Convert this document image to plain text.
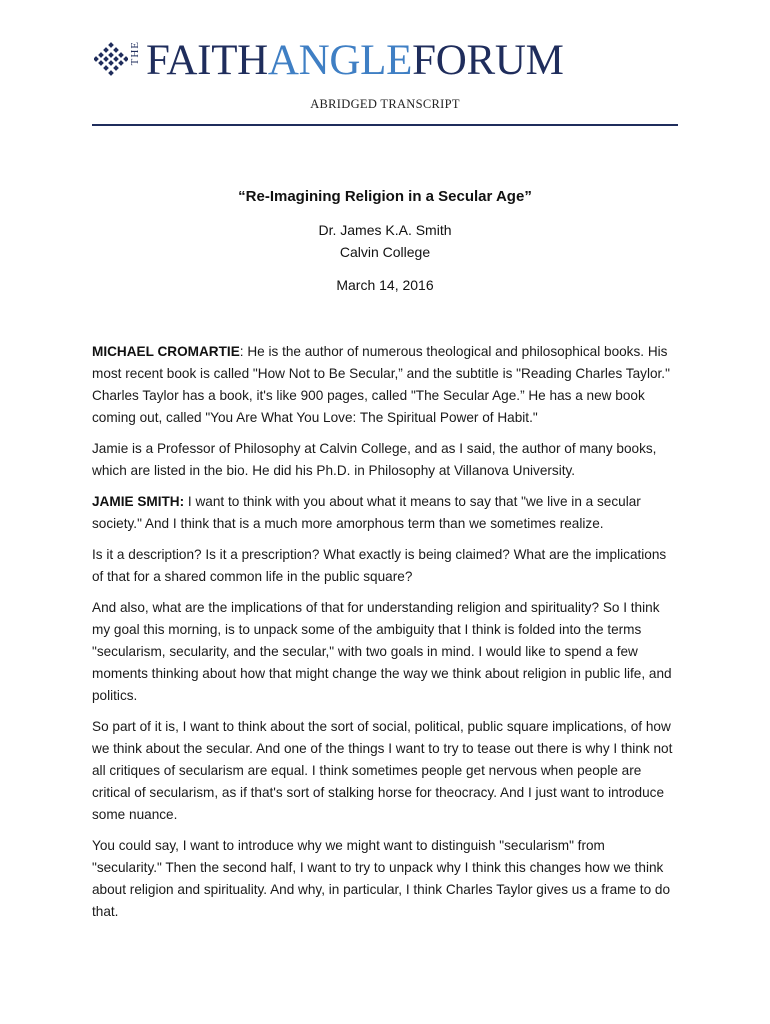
THE FAITHANGLEFORUM
ABRIDGED TRANSCRIPT
“Re-Imagining Religion in a Secular Age”
Dr. James K.A. Smith
Calvin College
March 14, 2016

MICHAEL CROMARTIE: He is the author of numerous theological and philosophical books. His most recent book is called "How Not to Be Secular,” and the subtitle is "Reading Charles Taylor." Charles Taylor has a book, it's like 900 pages, called "The Secular Age.” He has a new book coming out, called "You Are What You Love: The Spiritual Power of Habit."

Jamie is a Professor of Philosophy at Calvin College, and as I said, the author of many books, which are listed in the bio. He did his Ph.D. in Philosophy at Villanova University.

JAMIE SMITH: I want to think with you about what it means to say that "we live in a secular society." And I think that is a much more amorphous term than we sometimes realize.

Is it a description? Is it a prescription? What exactly is being claimed? What are the implications of that for a shared common life in the public square?

And also, what are the implications of that for understanding religion and spirituality? So I think my goal this morning, is to unpack some of the ambiguity that I think is folded into the terms "secularism, secularity, and the secular," with two goals in mind. I would like to spend a few moments thinking about how that might change the way we think about religion in public life, and politics.

So part of it is, I want to think about the sort of social, political, public square implications, of how we think about the secular. And one of the things I want to try to tease out there is why I think not all critiques of secularism are equal. I think sometimes people get nervous when people are critical of secularism, as if that's sort of stalking horse for theocracy. And I just want to introduce some nuance.

You could say, I want to introduce why we might want to distinguish "secularism" from "secularity." Then the second half, I want to try to unpack why I think this changes how we think about religion and spirituality. And why, in particular, I think Charles Taylor gives us a frame to do that.
